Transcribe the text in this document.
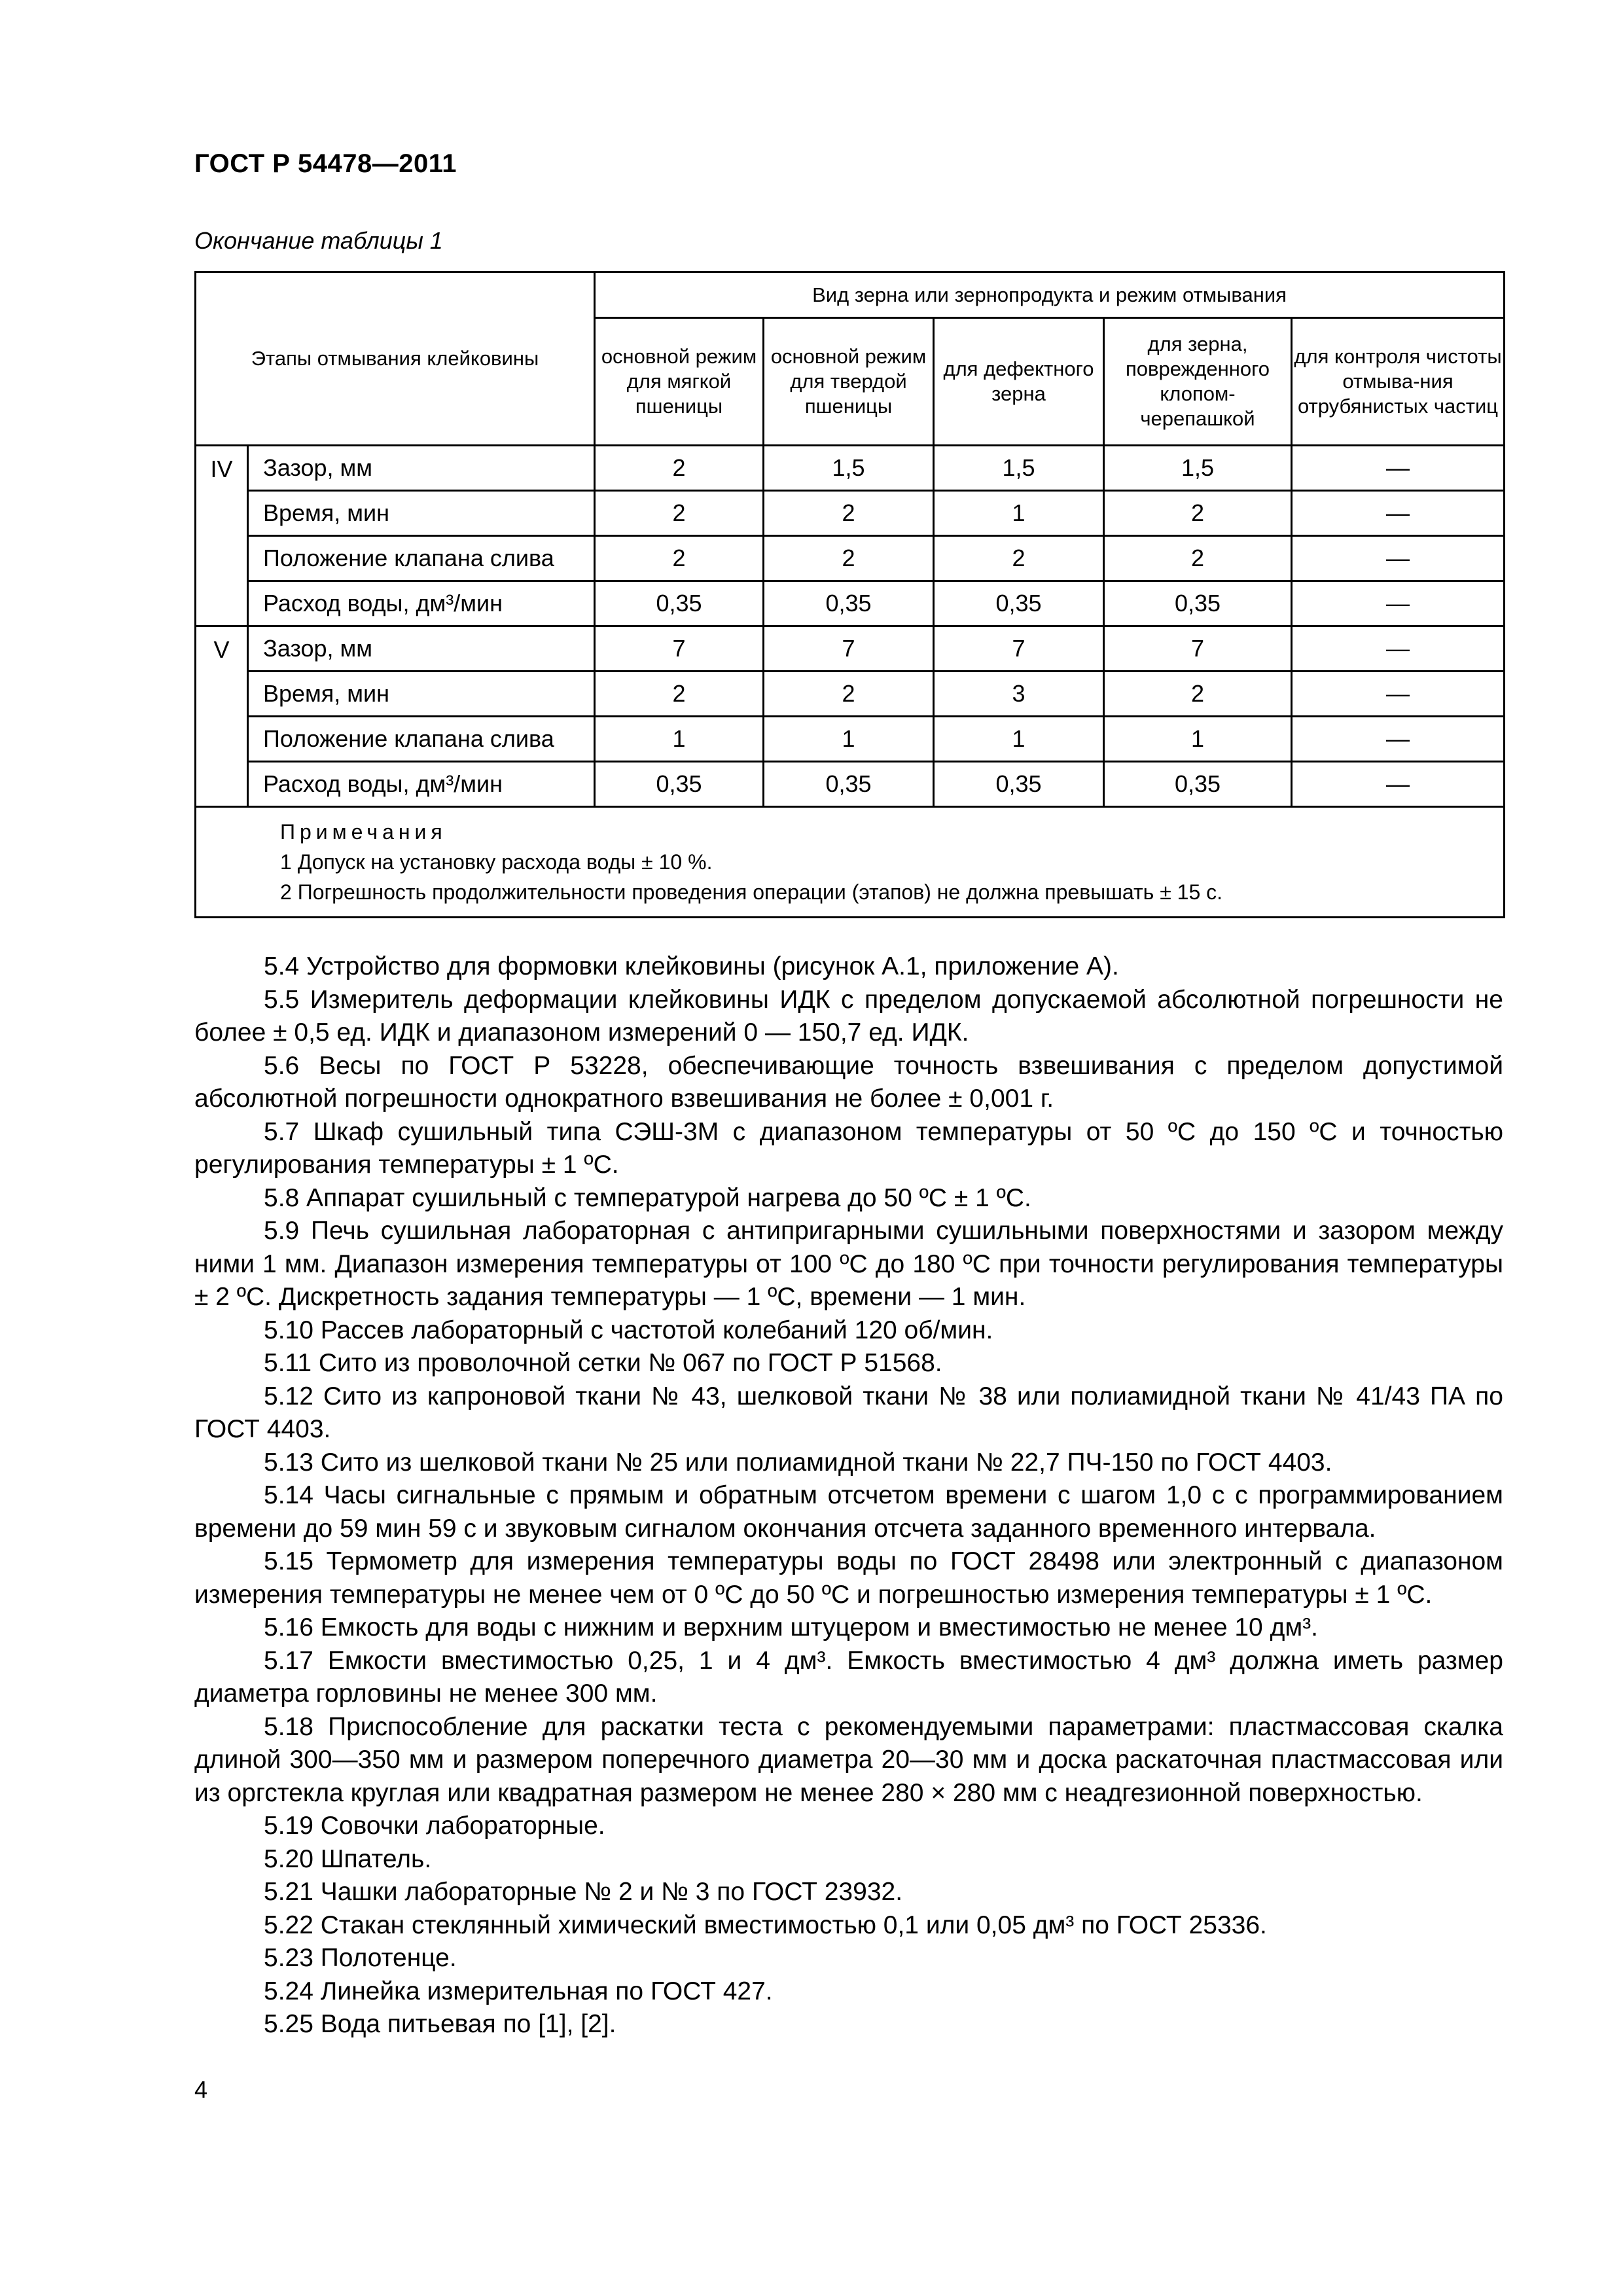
ГОСТ Р 54478—2011
Окончание таблицы 1
Этапы отмывания клейковины		Вид зерна или зернопродукта и режим отмывания				
		основной режим для мягкой пшеницы	основной режим для твердой пшеницы	для дефектного зерна	для зерна, поврежденного клопом-черепашкой	для контроля чистоты отмыва-ния отрубянистых частиц
IV	Зазор, мм	2	1,5	1,5	1,5	—
	Время, мин	2	2	1	2	—
	Положение клапана слива	2	2	2	2	—
	Расход воды, дм³/мин	0,35	0,35	0,35	0,35	—
V	Зазор, мм	7	7	7	7	—
	Время, мин	2	2	3	2	—
	Положение клапана слива	1	1	1	1	—
	Расход воды, дм³/мин	0,35	0,35	0,35	0,35	—

Примечания
1 Допуск на установку расхода воды ± 10 %.
2 Погрешность продолжительности проведения операции (этапов) не должна превышать ± 15 с.						

5.4 Устройство для формовки клейковины (рисунок А.1, приложение А).

5.5 Измеритель деформации клейковины ИДК с пределом допускаемой абсолютной погрешности не более ± 0,5 ед. ИДК и диапазоном измерений 0 — 150,7 ед. ИДК.

5.6 Весы по ГОСТ Р 53228, обеспечивающие точность взвешивания с пределом допустимой абсолютной погрешности однократного взвешивания не более ± 0,001 г.

5.7 Шкаф сушильный типа СЭШ-3М с диапазоном температуры от 50 ºС до 150 ºС и точностью регулирования температуры ± 1 ºС.

5.8 Аппарат сушильный с температурой нагрева до 50 ºС ± 1 ºС.

5.9 Печь сушильная лабораторная с антипригарными сушильными поверхностями и зазором между ними 1 мм. Диапазон измерения температуры от 100 ºС до 180 ºС при точности регулирования температуры ± 2 ºС. Дискретность задания температуры — 1 ºС, времени — 1 мин.

5.10 Рассев лабораторный с частотой колебаний 120 об/мин.

5.11 Сито из проволочной сетки № 067 по ГОСТ Р 51568.

5.12 Сито из капроновой ткани № 43, шелковой ткани № 38 или полиамидной ткани № 41/43 ПА по ГОСТ 4403.

5.13 Сито из шелковой ткани № 25 или полиамидной ткани № 22,7 ПЧ-150 по ГОСТ 4403.

5.14 Часы сигнальные с прямым и обратным отсчетом времени с шагом 1,0 с с программированием времени до 59 мин 59 с и звуковым сигналом окончания отсчета заданного временного интервала.

5.15 Термометр для измерения температуры воды по ГОСТ 28498 или электронный с диапазоном измерения температуры не менее чем от 0 ºС до 50 ºС и погрешностью измерения температуры ± 1 ºС.

5.16 Емкость для воды с нижним и верхним штуцером и вместимостью не менее 10 дм³.

5.17 Емкости вместимостью 0,25, 1 и 4 дм³. Емкость вместимостью 4 дм³ должна иметь размер диаметра горловины не менее 300 мм.

5.18 Приспособление для раскатки теста с рекомендуемыми параметрами: пластмассовая скалка длиной 300—350 мм и размером поперечного диаметра 20—30 мм и доска раскаточная пластмассовая или из оргстекла круглая или квадратная размером не менее 280 × 280 мм с неадгезионной поверхностью.

5.19 Совочки лабораторные.

5.20 Шпатель.

5.21 Чашки лабораторные № 2 и № 3 по ГОСТ 23932.

5.22 Стакан стеклянный химический вместимостью 0,1 или 0,05 дм³ по ГОСТ 25336.

5.23 Полотенце.

5.24 Линейка измерительная по ГОСТ 427.

5.25 Вода питьевая по [1], [2].

4
